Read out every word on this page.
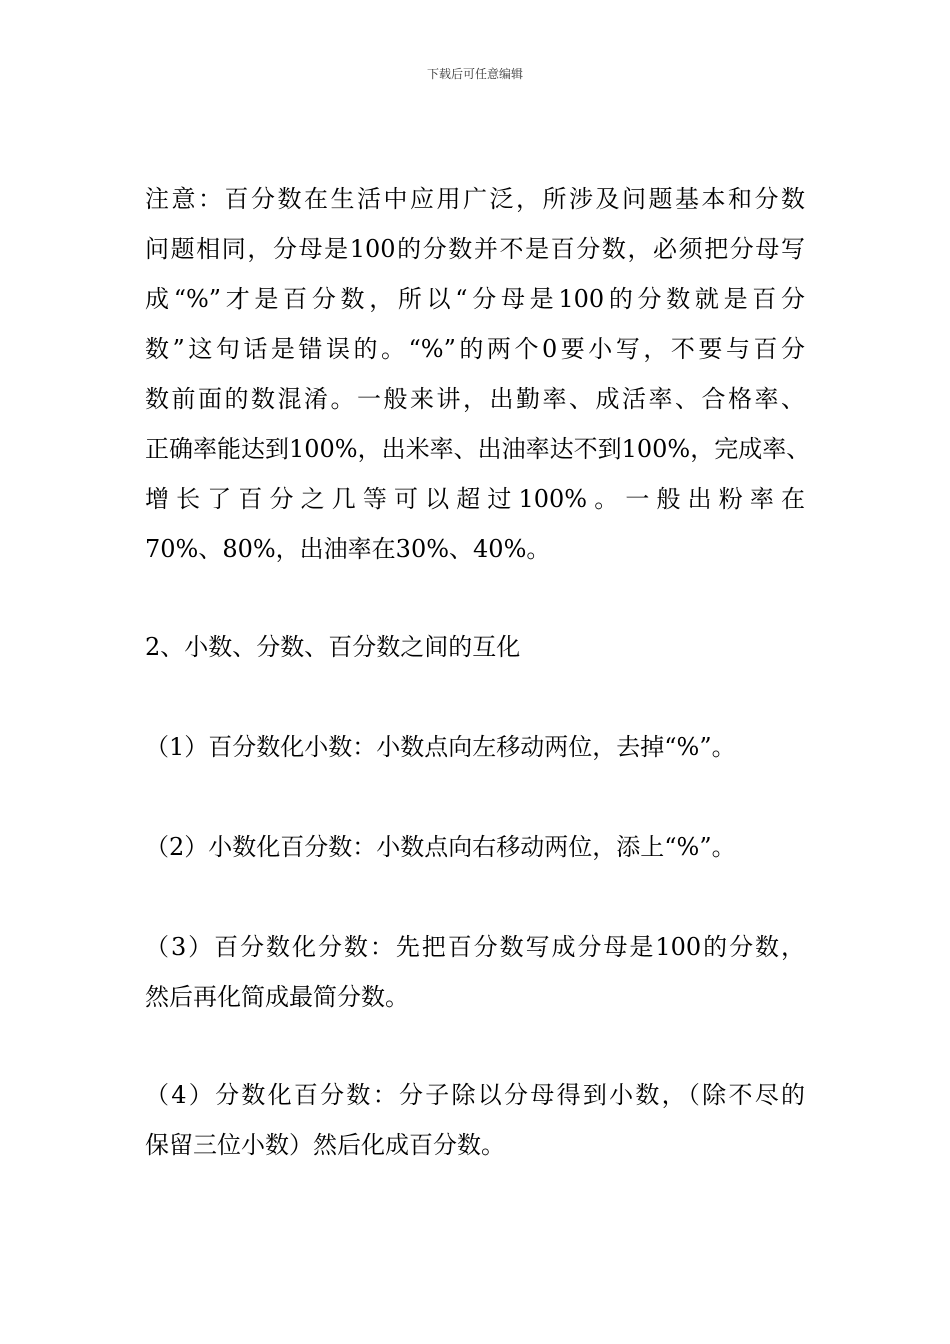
下载后可任意编辑
注意：百分数在生活中应用广泛，所涉及问题基本和分数
问题相同，分母是100的分数并不是百分数，必须把分母写
成“%”才是百分数，所以“分母是100的分数就是百分
数”这句话是错误的。“%”的两个0要小写，不要与百分
数前面的数混淆。一般来讲，出勤率、成活率、合格率、
正确率能达到100%，出米率、出油率达不到100%，完成率、
增长了百分之几等可以超过100%。一般出粉率在
70%、80%，出油率在30%、40%。
2、小数、分数、百分数之间的互化
（1）百分数化小数：小数点向左移动两位，去掉“%”。
（2）小数化百分数：小数点向右移动两位，添上“%”。
（3）百分数化分数：先把百分数写成分母是100的分数，
然后再化简成最简分数。
（4）分数化百分数：分子除以分母得到小数，（除不尽的
保留三位小数）然后化成百分数。
